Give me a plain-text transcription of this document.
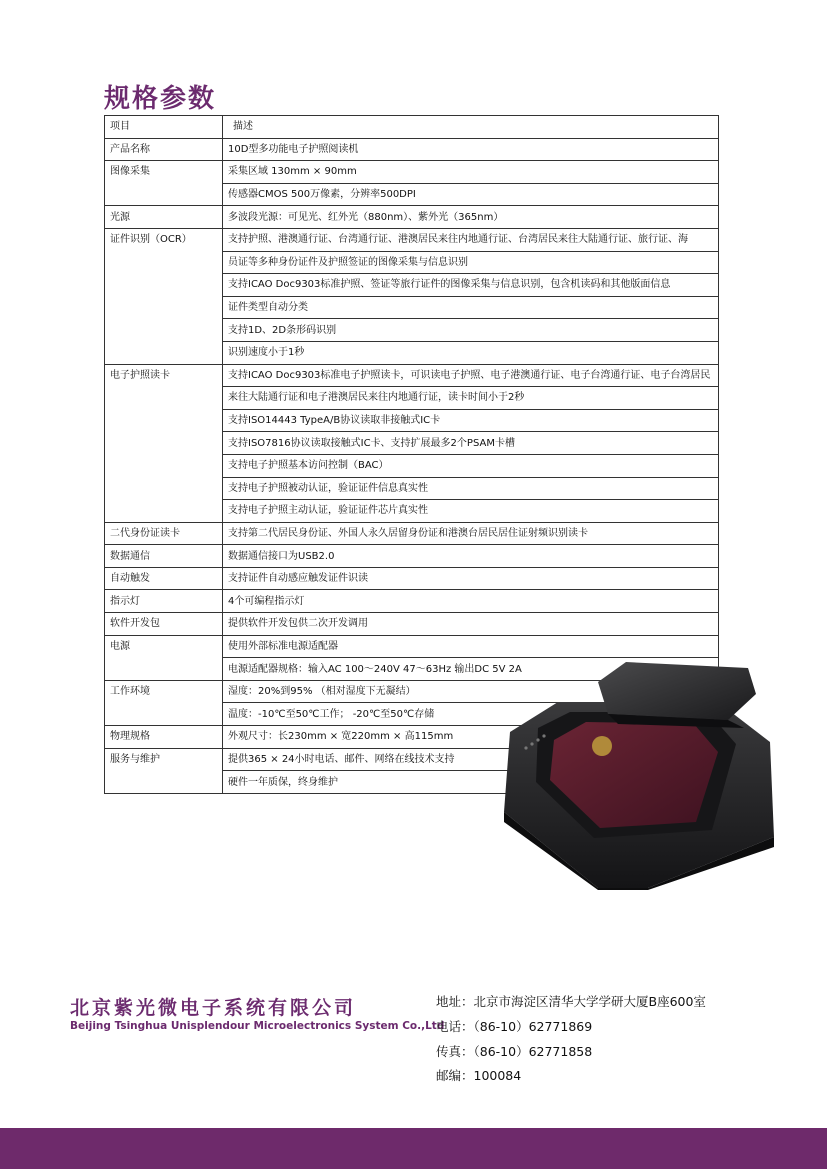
规格参数
项目	描述
产品名称	10D型多功能电子护照阅读机
图像采集	采集区域 130mm × 90mm
	传感器CMOS 500万像素，分辨率500DPI
光源	多波段光源：可见光、红外光（880nm）、紫外光（365nm）
证件识别（OCR）	支持护照、港澳通行证、台湾通行证、港澳居民来往内地通行证、台湾居民来往大陆通行证、旅行证、海
	员证等多种身份证件及护照签证的图像采集与信息识别
	支持ICAO Doc9303标准护照、签证等旅行证件的图像采集与信息识别，包含机读码和其他版面信息
	证件类型自动分类
	支持1D、2D条形码识别
	识别速度小于1秒
电子护照读卡	支持ICAO Doc9303标准电子护照读卡，可识读电子护照、电子港澳通行证、电子台湾通行证、电子台湾居民
	来往大陆通行证和电子港澳居民来往内地通行证，读卡时间小于2秒
	支持ISO14443 TypeA/B协议读取非接触式IC卡
	支持ISO7816协议读取接触式IC卡、支持扩展最多2个PSAM卡槽
	支持电子护照基本访问控制（BAC）
	支持电子护照被动认证，验证证件信息真实性
	支持电子护照主动认证，验证证件芯片真实性
二代身份证读卡	支持第二代居民身份证、外国人永久居留身份证和港澳台居民居住证射频识别读卡
数据通信	数据通信接口为USB2.0
自动触发	支持证件自动感应触发证件识读
指示灯	4个可编程指示灯
软件开发包	提供软件开发包供二次开发调用
电源	使用外部标准电源适配器
	电源适配器规格：输入AC 100～240V 47～63Hz 输出DC 5V 2A
工作环境	湿度：20%到95% （相对湿度下无凝结）
	温度：-10℃至50℃工作； -20℃至50℃存储
物理规格	外观尺寸：长230mm × 宽220mm × 高115mm
服务与维护	提供365 × 24小时电话、邮件、网络在线技术支持
	硬件一年质保，终身维护
北京紫光微电子系统有限公司
Beijing Tsinghua Unisplendour Microelectronics System Co.,Ltd
地址：北京市海淀区清华大学学研大厦B座600室
电话：（86-10）62771869
传真：（86-10）62771858
邮编：100084
